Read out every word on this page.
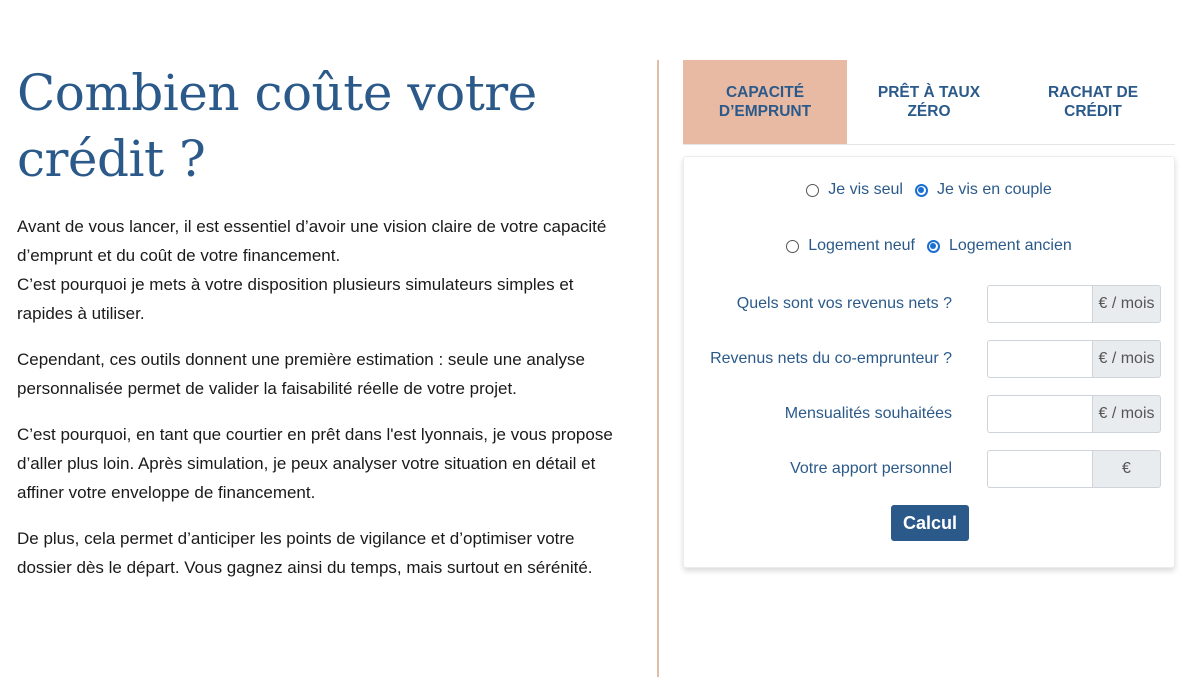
Combien coûte votre crédit ?

Avant de vous lancer, il est essentiel d’avoir une vision claire de votre capacité d’emprunt et du coût de votre financement.
C’est pourquoi je mets à votre disposition plusieurs simulateurs simples et rapides à utiliser.

Cependant, ces outils donnent une première estimation : seule une analyse personnalisée permet de valider la faisabilité réelle de votre projet.

C’est pourquoi, en tant que courtier en prêt dans l'est lyonnais, je vous propose d’aller plus loin. Après simulation, je peux analyser votre situation en détail et affiner votre enveloppe de financement.

De plus, cela permet d’anticiper les points de vigilance et d’optimiser votre dossier dès le départ. Vous gagnez ainsi du temps, mais surtout en sérénité.

CAPACITÉ
D’EMPRUNT
PRÊT À TAUX
ZÉRO
RACHAT DE
CRÉDIT
Je vis seul Je vis en couple
Logement neuf Logement ancien
Quels sont vos revenus nets ?	€ / mois
Revenus nets du co-emprunteur ?	€ / mois
Mensualités souhaitées	€ / mois
Votre apport personnel	€
Calcul
